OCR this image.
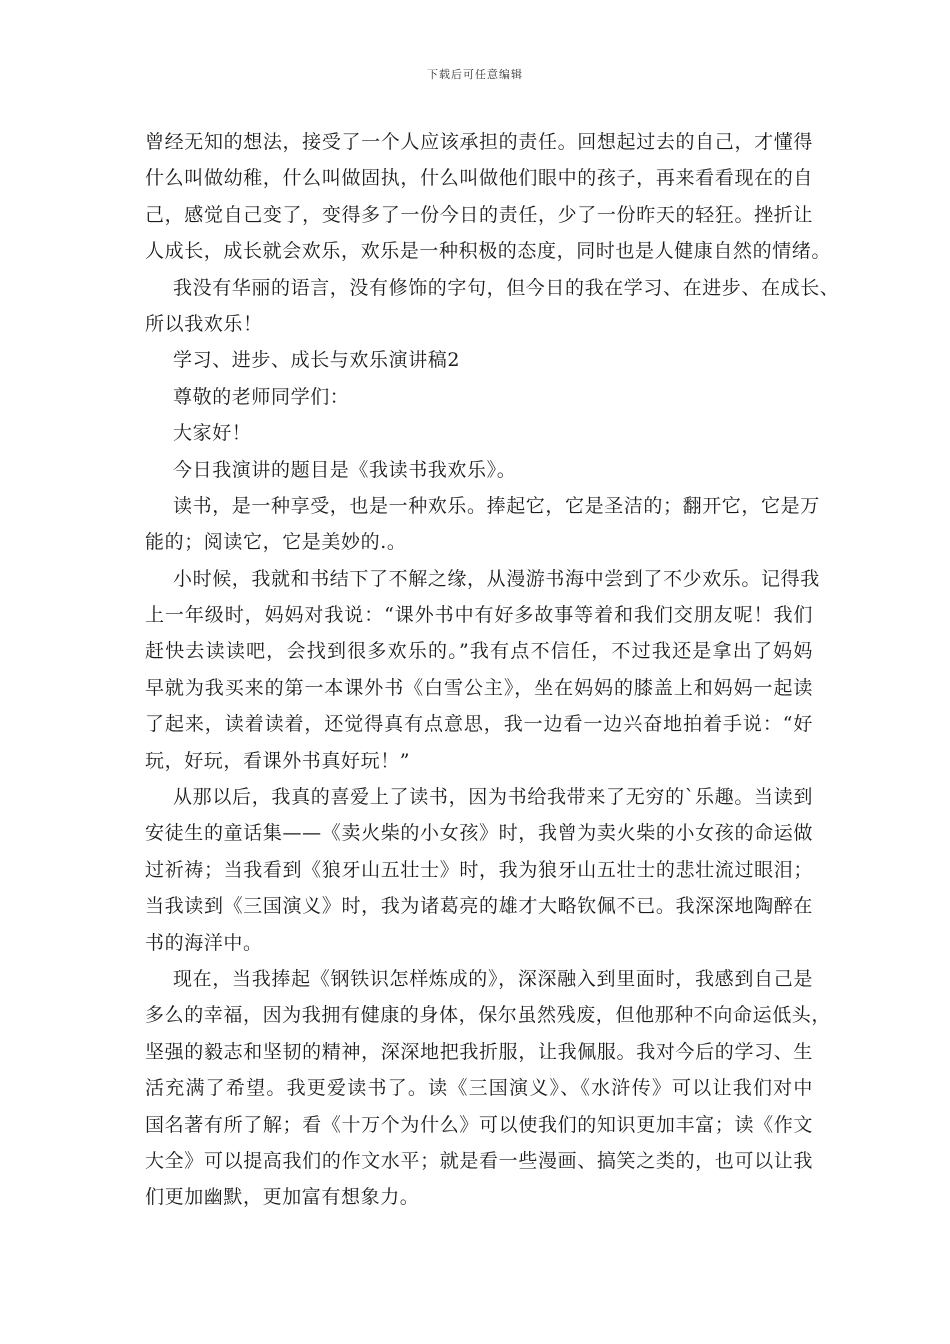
下载后可任意编辑
曾经无知的想法，接受了一个人应该承担的责任。回想起过去的自己，才懂得
什么叫做幼稚，什么叫做固执，什么叫做他们眼中的孩子，再来看看现在的自
己，感觉自己变了，变得多了一份今日的责任，少了一份昨天的轻狂。挫折让
人成长，成长就会欢乐，欢乐是一种积极的态度，同时也是人健康自然的情绪。
我没有华丽的语言，没有修饰的字句，但今日的我在学习、在进步、在成长、
所以我欢乐！
学习、进步、成长与欢乐演讲稿2
尊敬的老师同学们：
大家好！
今日我演讲的题目是《我读书我欢乐》。
读书，是一种享受，也是一种欢乐。捧起它，它是圣洁的；翻开它，它是万
能的；阅读它，它是美妙的.。
小时候，我就和书结下了不解之缘，从漫游书海中尝到了不少欢乐。记得我
上一年级时，妈妈对我说：“课外书中有好多故事等着和我们交朋友呢！我们
赶快去读读吧，会找到很多欢乐的。”我有点不信任，不过我还是拿出了妈妈
早就为我买来的第一本课外书《白雪公主》，坐在妈妈的膝盖上和妈妈一起读
了起来，读着读着，还觉得真有点意思，我一边看一边兴奋地拍着手说：“好
玩，好玩，看课外书真好玩！”
从那以后，我真的喜爱上了读书，因为书给我带来了无穷的`乐趣。当读到
安徒生的童话集——《卖火柴的小女孩》时，我曾为卖火柴的小女孩的命运做
过祈祷；当我看到《狼牙山五壮士》时，我为狼牙山五壮士的悲壮流过眼泪；
当我读到《三国演义》时，我为诸葛亮的雄才大略钦佩不已。我深深地陶醉在
书的海洋中。
现在，当我捧起《钢铁识怎样炼成的》，深深融入到里面时，我感到自己是
多么的幸福，因为我拥有健康的身体，保尔虽然残废，但他那种不向命运低头，
坚强的毅志和坚韧的精神，深深地把我折服，让我佩服。我对今后的学习、生
活充满了希望。我更爱读书了。读《三国演义》、《水浒传》可以让我们对中
国名著有所了解；看《十万个为什么》可以使我们的知识更加丰富；读《作文
大全》可以提高我们的作文水平；就是看一些漫画、搞笑之类的，也可以让我
们更加幽默，更加富有想象力。
